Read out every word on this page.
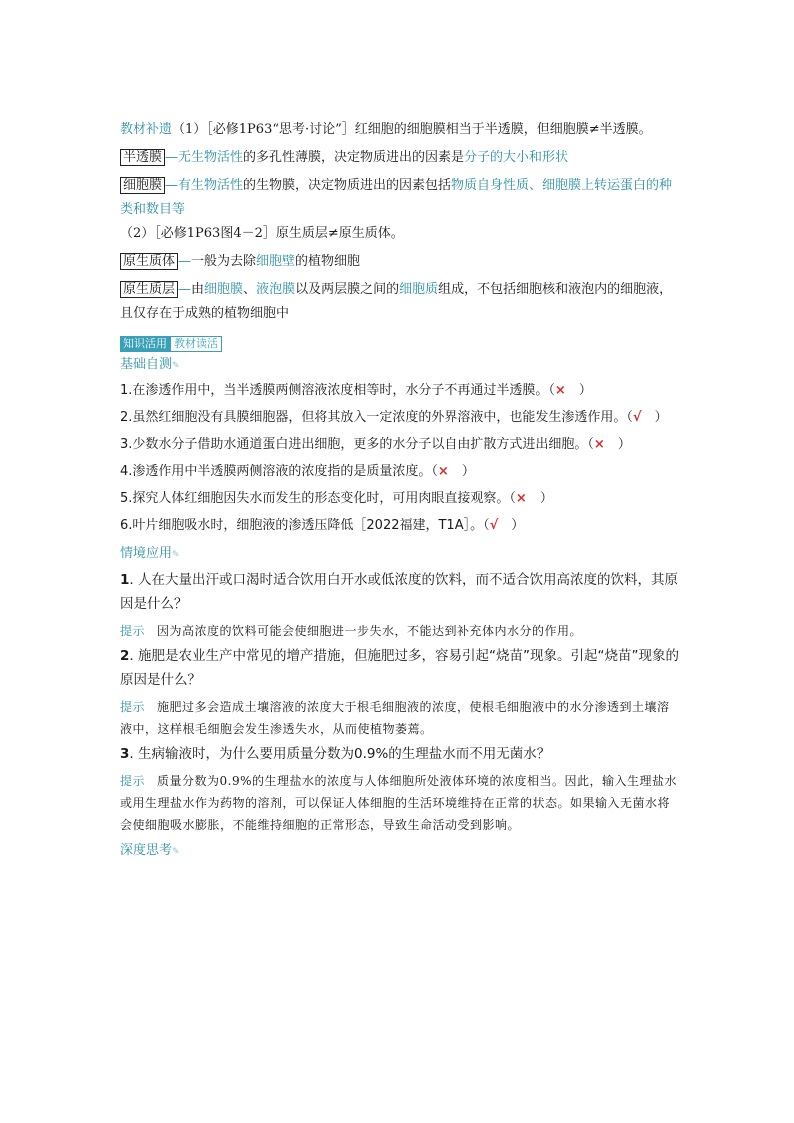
教材补遗（1）［必修1P63“思考·讨论”］红细胞的细胞膜相当于半透膜，但细胞膜≠半透膜。

半透膜 —无生物活性的多孔性薄膜，决定物质进出的因素是分子的大小和形状

细胞膜 —有生物活性的生物膜，决定物质进出的因素包括物质自身性质、细胞膜上转运蛋白的种类和数目等

（2）［必修1P63图4－2］原生质层≠原生质体。

原生质体 —一般为去除细胞壁的植物细胞

原生质层 —由细胞膜、液泡膜以及两层膜之间的细胞质组成，不包括细胞核和液泡内的细胞液，且仅存在于成熟的植物细胞中

知识活用 教材读活
基础自测✎

1.在渗透作用中，当半透膜两侧溶液浓度相等时，水分子不再通过半透膜。（×　）

2.虽然红细胞没有具膜细胞器，但将其放入一定浓度的外界溶液中，也能发生渗透作用。（√　）

3.少数水分子借助水通道蛋白进出细胞，更多的水分子以自由扩散方式进出细胞。（×　）

4.渗透作用中半透膜两侧溶液的浓度指的是质量浓度。（×　）

5.探究人体红细胞因失水而发生的形态变化时，可用肉眼直接观察。（×　）

6.叶片细胞吸水时，细胞液的渗透压降低［2022福建，T1A］。（√　）

情境应用✎

1. 人在大量出汗或口渴时适合饮用白开水或低浓度的饮料，而不适合饮用高浓度的饮料，其原因是什么？

提示 因为高浓度的饮料可能会使细胞进一步失水，不能达到补充体内水分的作用。

2. 施肥是农业生产中常见的增产措施，但施肥过多，容易引起“烧苗”现象。引起“烧苗”现象的原因是什么？

提示 施肥过多会造成土壤溶液的浓度大于根毛细胞液的浓度，使根毛细胞液中的水分渗透到土壤溶液中，这样根毛细胞会发生渗透失水，从而使植物萎蔫。

3. 生病输液时，为什么要用质量分数为0.9%的生理盐水而不用无菌水？

提示 质量分数为0.9%的生理盐水的浓度与人体细胞所处液体环境的浓度相当。因此，输入生理盐水或用生理盐水作为药物的溶剂，可以保证人体细胞的生活环境维持在正常的状态。如果输入无菌水将会使细胞吸水膨胀，不能维持细胞的正常形态，导致生命活动受到影响。

深度思考✎
